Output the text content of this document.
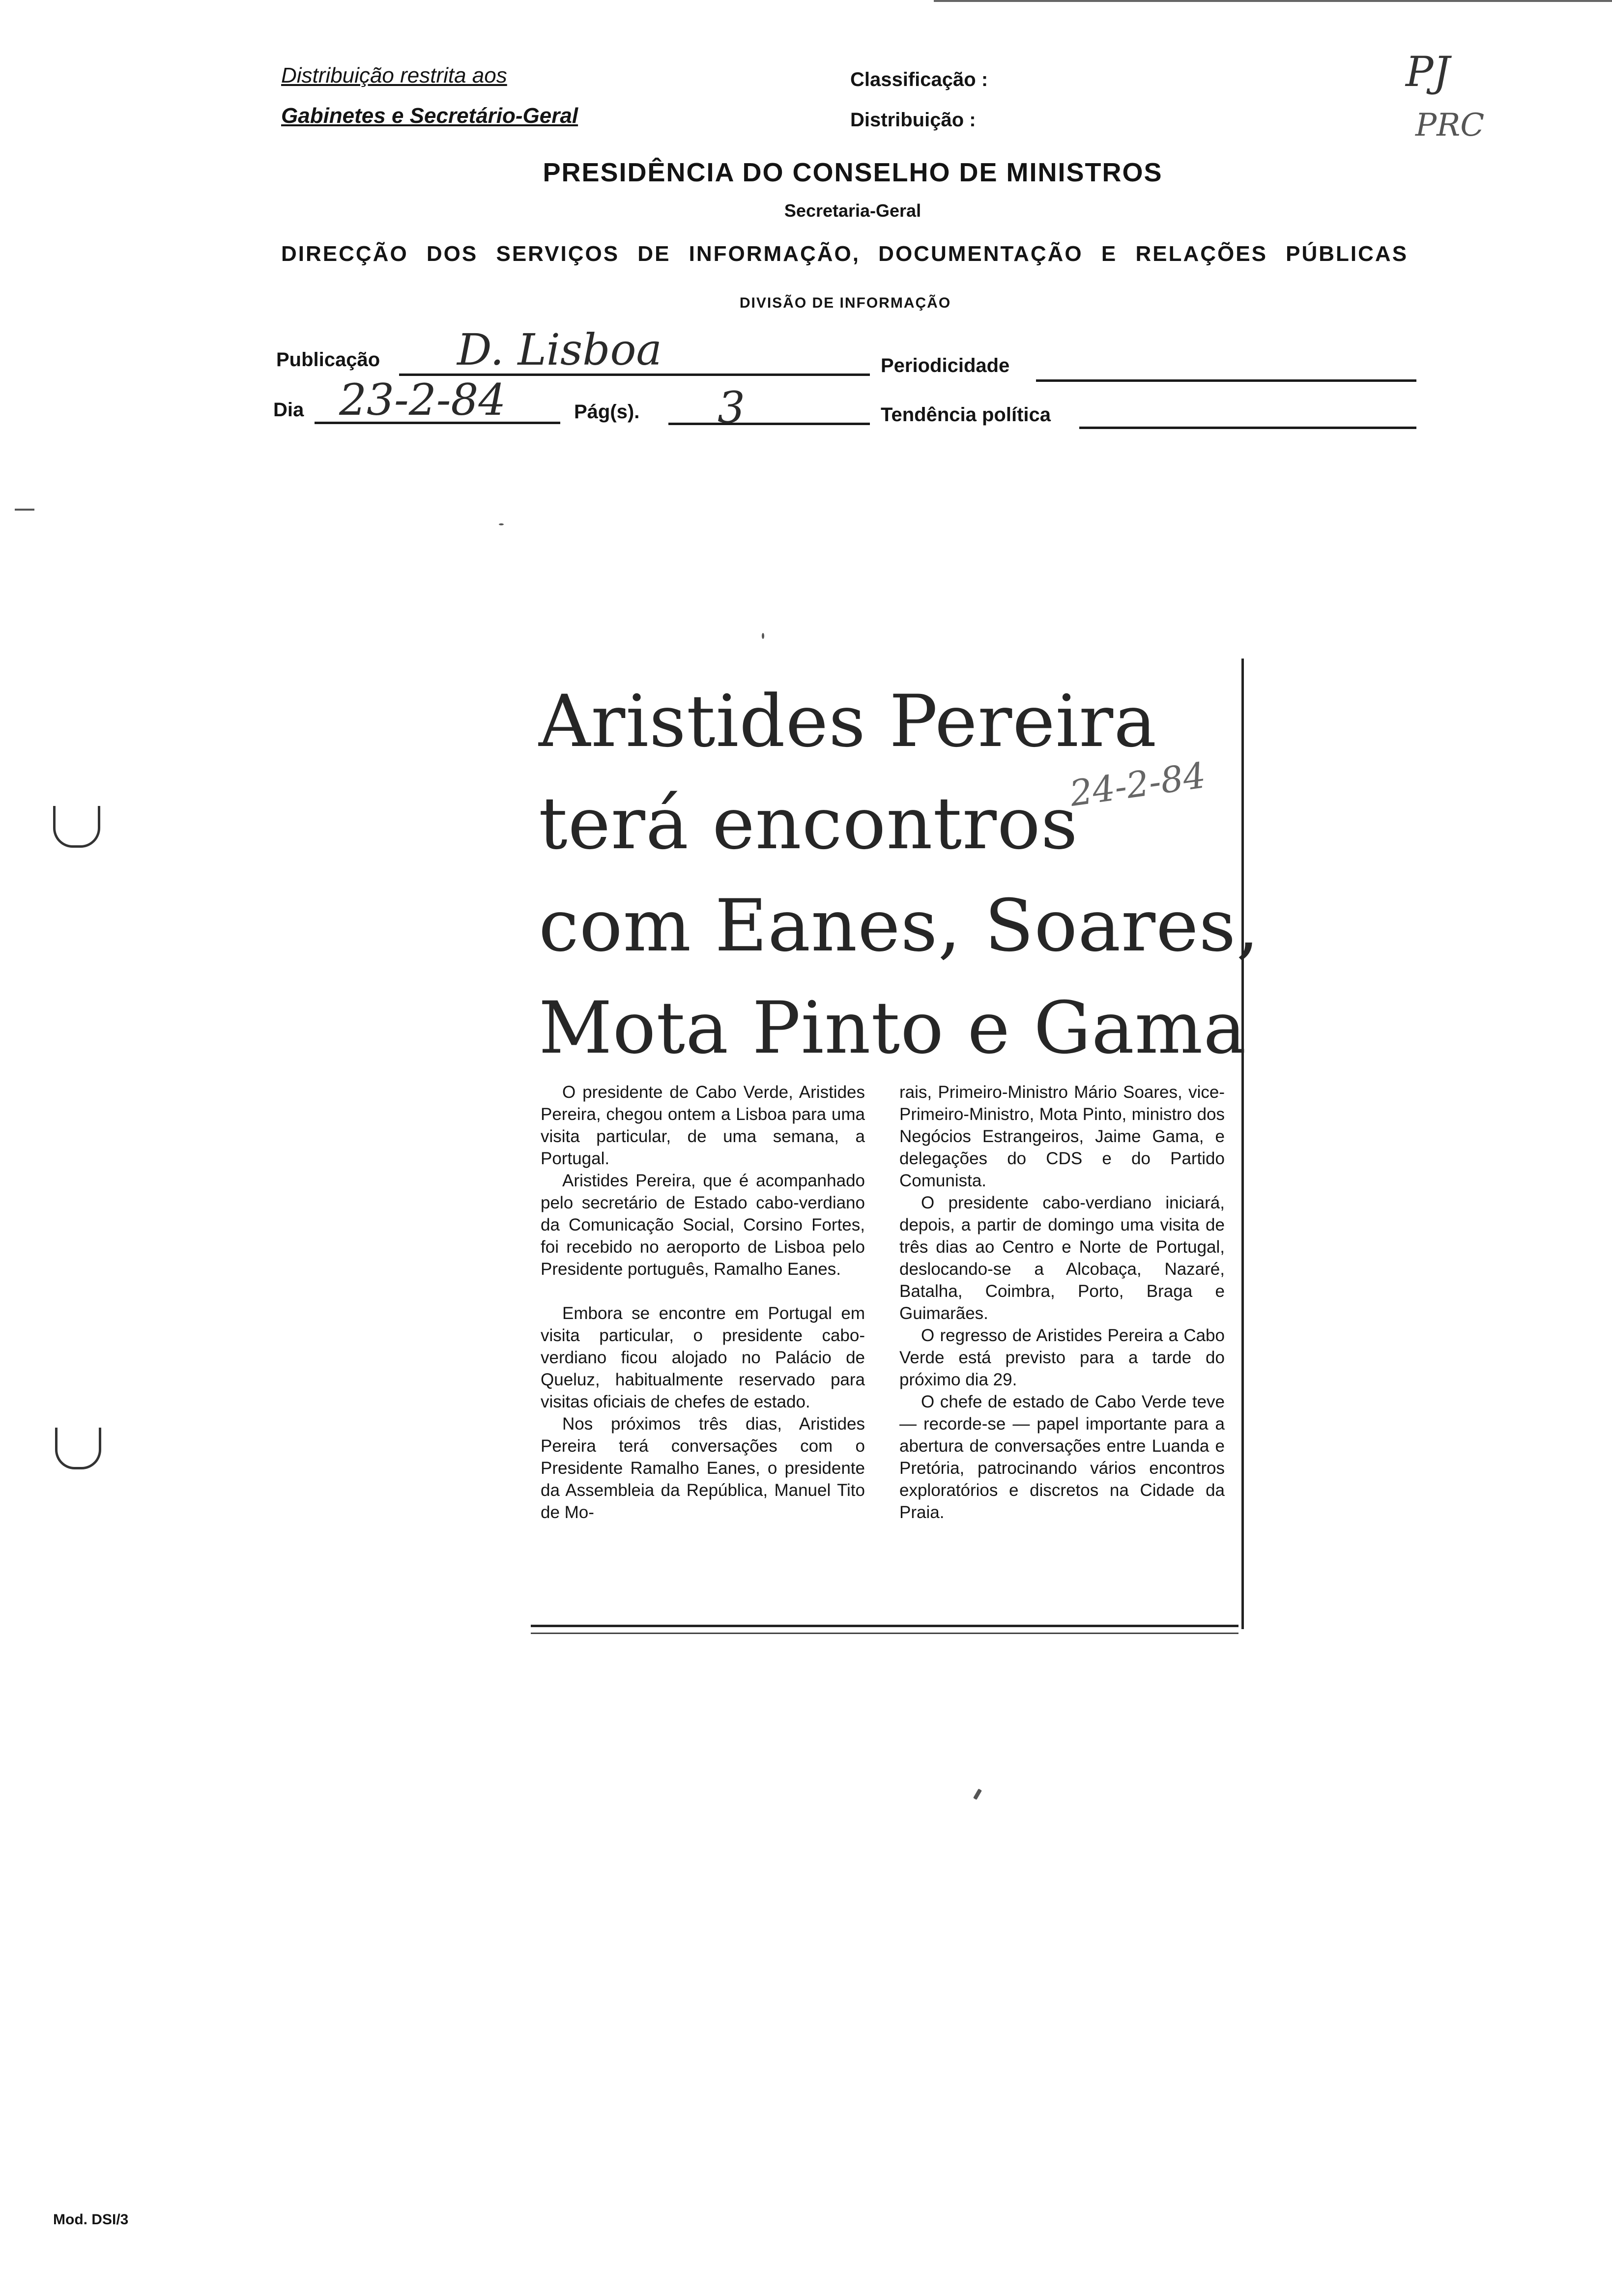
Distribuição restrita aos
Gabinetes e Secretário-Geral
Classificação :
Distribuição :
PJ
PRC
PRESIDÊNCIA DO CONSELHO DE MINISTROS
Secretaria-Geral
DIRECÇÃO DOS SERVIÇOS DE INFORMAÇÃO, DOCUMENTAÇÃO E RELAÇÕES PÚBLICAS
DIVISÃO DE INFORMAÇÃO
Publicação D. Lisboa	Periodicidade
Dia 23-2-84	Pág(s). 3	Tendência política
Aristides Pereira
terá encontros
com Eanes, Soares,
Mota Pinto e Gama
24-2-84

O presidente de Cabo Verde, Aristides Pereira, chegou ontem a Lisboa para uma visita particular, de uma semana, a Portugal.

Aristides Pereira, que é acompanhado pelo secretário de Estado cabo-verdiano da Comunicação Social, Corsino Fortes, foi recebido no aeroporto de Lisboa pelo Presidente português, Ramalho Eanes.

Embora se encontre em Portugal em visita particular, o presidente cabo-verdiano ficou alojado no Palácio de Queluz, habitualmente reservado para visitas oficiais de chefes de estado.

Nos próximos três dias, Aristides Pereira terá conversações com o Presidente Ramalho Eanes, o presidente da Assembleia da República, Manuel Tito de Mo-

rais, Primeiro-Ministro Mário Soares, vice-Primeiro-Ministro, Mota Pinto, ministro dos Negócios Estrangeiros, Jaime Gama, e delegações do CDS e do Partido Comunista.

O presidente cabo-verdiano iniciará, depois, a partir de domingo uma visita de três dias ao Centro e Norte de Portugal, deslocando-se a Alcobaça, Nazaré, Batalha, Coimbra, Porto, Braga e Guimarães.

O regresso de Aristides Pereira a Cabo Verde está previsto para a tarde do próximo dia 29.

O chefe de estado de Cabo Verde teve — recorde-se — papel importante para a abertura de conversações entre Luanda e Pretória, patrocinando vários encontros exploratórios e discretos na Cidade da Praia.

Mod. DSI/3
